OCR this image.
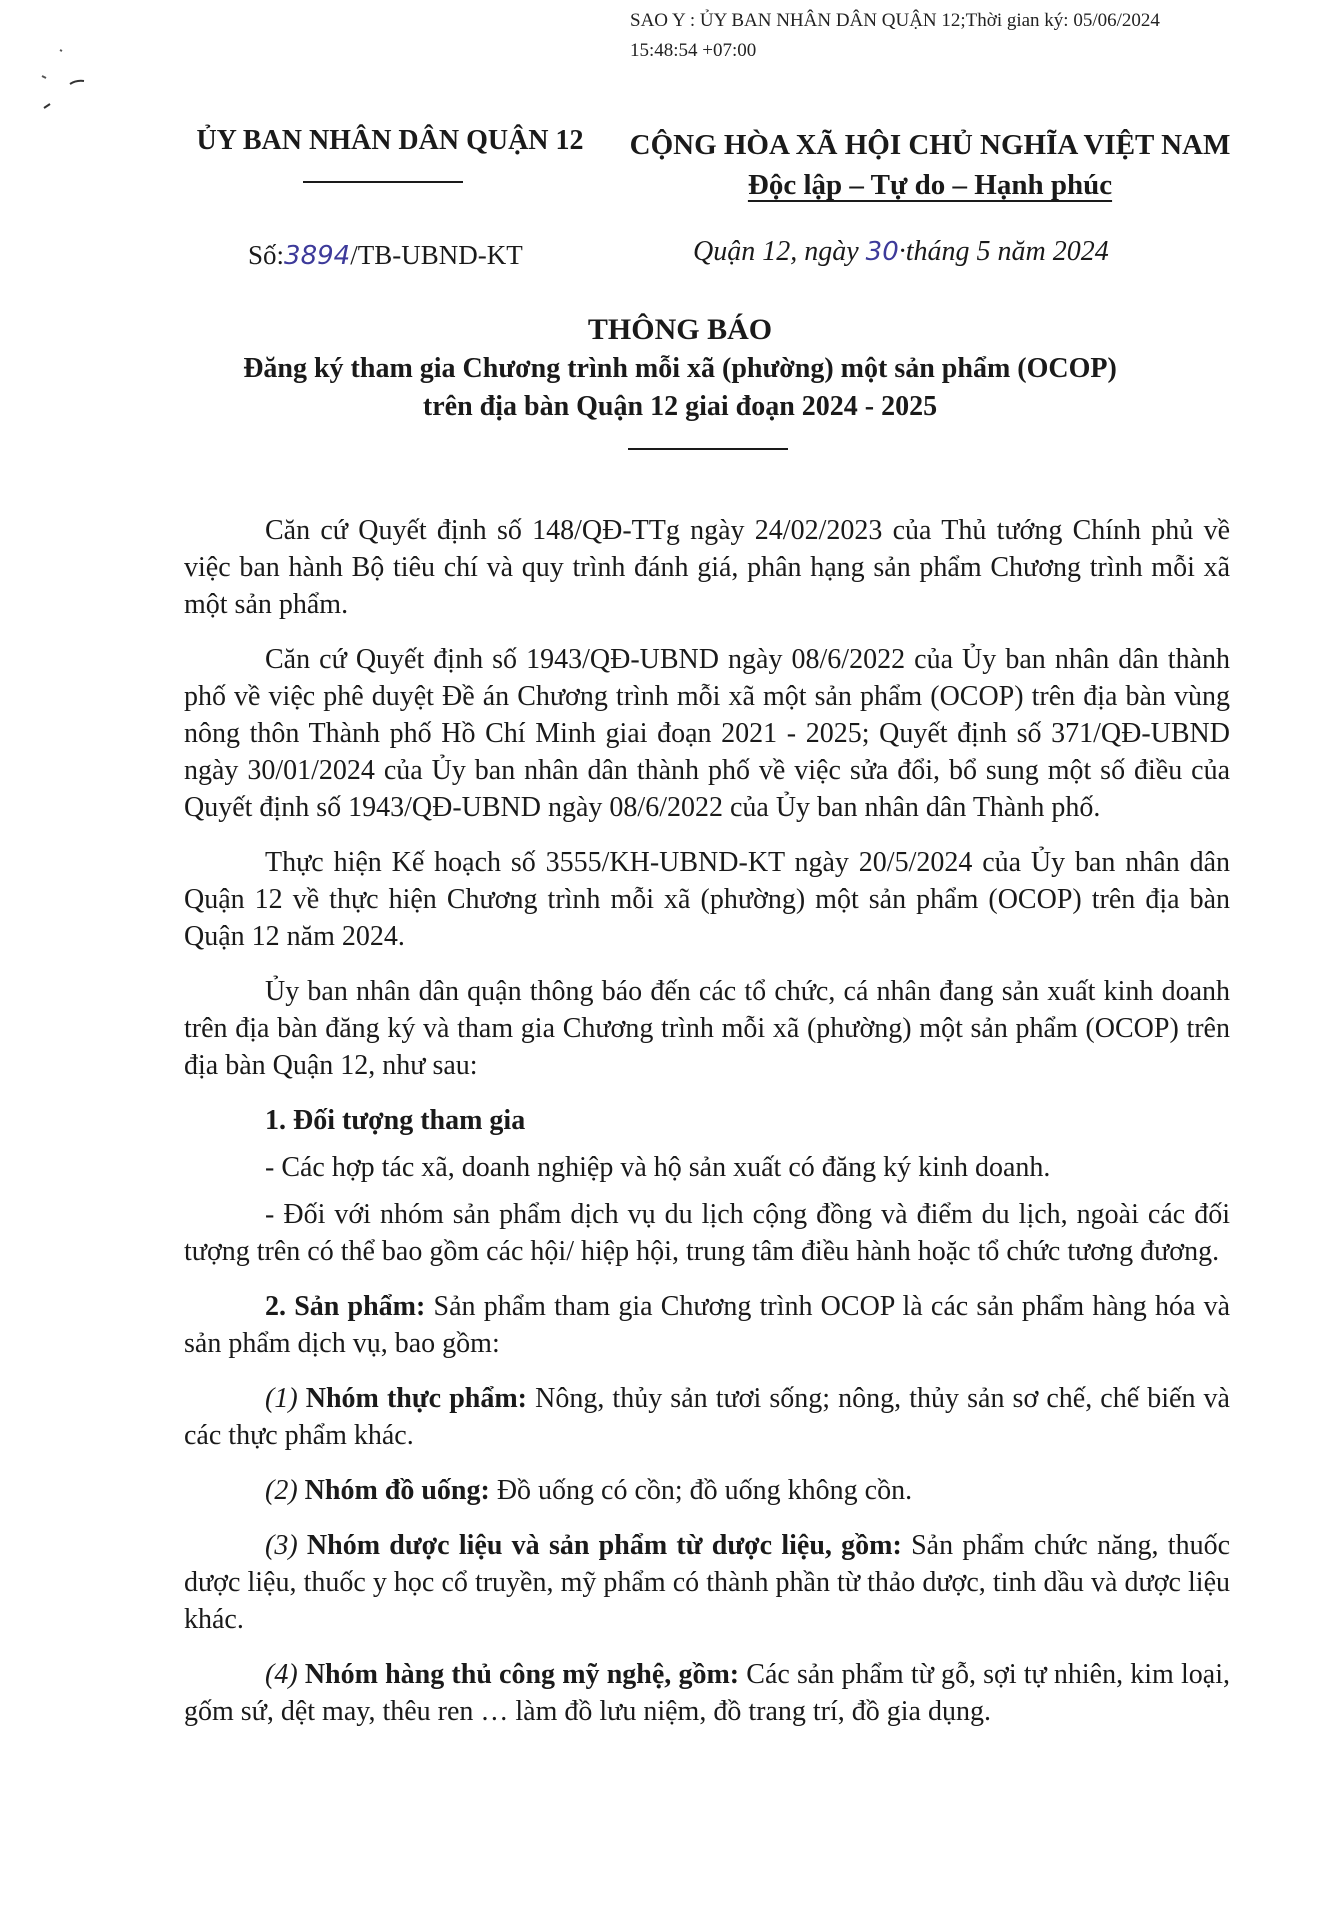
SAO Y : ỦY BAN NHÂN DÂN QUẬN 12;Thời gian ký: 05/06/2024
15:48:54 +07:00
ỦY BAN NHÂN DÂN QUẬN 12	CỘNG HÒA XÃ HỘI CHỦ NGHĨA VIỆT NAM
Độc lập – Tự do – Hạnh phúc
Số:3894/TB-UBND-KT	Quận 12, ngày 30·tháng 5 năm 2024
THÔNG BÁO
Đăng ký tham gia Chương trình mỗi xã (phường) một sản phẩm (OCOP)
trên địa bàn Quận 12 giai đoạn 2024 - 2025

Căn cứ Quyết định số 148/QĐ-TTg ngày 24/02/2023 của Thủ tướng Chính phủ về việc ban hành Bộ tiêu chí và quy trình đánh giá, phân hạng sản phẩm Chương trình mỗi xã một sản phẩm.

Căn cứ Quyết định số 1943/QĐ-UBND ngày 08/6/2022 của Ủy ban nhân dân thành phố về việc phê duyệt Đề án Chương trình mỗi xã một sản phẩm (OCOP) trên địa bàn vùng nông thôn Thành phố Hồ Chí Minh giai đoạn 2021 - 2025; Quyết định số 371/QĐ-UBND ngày 30/01/2024 của Ủy ban nhân dân thành phố về việc sửa đổi, bổ sung một số điều của Quyết định số 1943/QĐ-UBND ngày 08/6/2022 của Ủy ban nhân dân Thành phố.

Thực hiện Kế hoạch số 3555/KH-UBND-KT ngày 20/5/2024 của Ủy ban nhân dân Quận 12 về thực hiện Chương trình mỗi xã (phường) một sản phẩm (OCOP) trên địa bàn Quận 12 năm 2024.

Ủy ban nhân dân quận thông báo đến các tổ chức, cá nhân đang sản xuất kinh doanh trên địa bàn đăng ký và tham gia Chương trình mỗi xã (phường) một sản phẩm (OCOP) trên địa bàn Quận 12, như sau:

1. Đối tượng tham gia

- Các hợp tác xã, doanh nghiệp và hộ sản xuất có đăng ký kinh doanh.

- Đối với nhóm sản phẩm dịch vụ du lịch cộng đồng và điểm du lịch, ngoài các đối tượng trên có thể bao gồm các hội/ hiệp hội, trung tâm điều hành hoặc tổ chức tương đương.

2. Sản phẩm: Sản phẩm tham gia Chương trình OCOP là các sản phẩm hàng hóa và sản phẩm dịch vụ, bao gồm:

(1) Nhóm thực phẩm: Nông, thủy sản tươi sống; nông, thủy sản sơ chế, chế biến và các thực phẩm khác.

(2) Nhóm đồ uống: Đồ uống có cồn; đồ uống không cồn.

(3) Nhóm dược liệu và sản phẩm từ dược liệu, gồm: Sản phẩm chức năng, thuốc dược liệu, thuốc y học cổ truyền, mỹ phẩm có thành phần từ thảo dược, tinh dầu và dược liệu khác.

(4) Nhóm hàng thủ công mỹ nghệ, gồm: Các sản phẩm từ gỗ, sợi tự nhiên, kim loại, gốm sứ, dệt may, thêu ren … làm đồ lưu niệm, đồ trang trí, đồ gia dụng.
